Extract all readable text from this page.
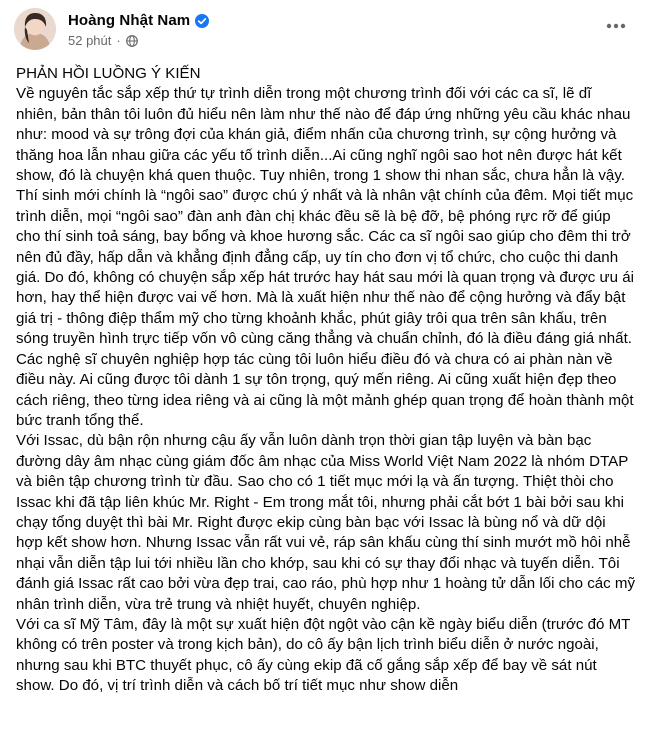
Hoàng Nhật Nam
52 phút ·

PHẢN HỒI LUỒNG Ý KIẾN

Về nguyên tắc sắp xếp thứ tự trình diễn trong một chương trình đối với các ca sĩ, lẽ dĩ nhiên, bản thân tôi luôn đủ hiểu nên làm như thế nào để đáp ứng những yêu cầu khác nhau như: mood và sự trông đợi của khán giả, điểm nhấn của chương trình, sự cộng hưởng và thăng hoa lẫn nhau giữa các yếu tố trình diễn...Ai cũng nghĩ ngôi sao hot nên được hát kết show, đó là chuyện khá quen thuộc. Tuy nhiên, trong 1 show thi nhan sắc, chưa hẳn là vậy. Thí sinh mới chính là “ngôi sao” được chú ý nhất và là nhân vật chính của đêm. Mọi tiết mục trình diễn, mọi “ngôi sao” đàn anh đàn chị khác đều sẽ là bệ đỡ, bệ phóng rực rỡ để giúp cho thí sinh toả sáng, bay bổng và khoe hương sắc. Các ca sĩ ngôi sao giúp cho đêm thi trở nên đủ đầy, hấp dẫn và khẳng định đẳng cấp, uy tín cho đơn vị tổ chức, cho cuộc thi danh giá. Do đó, không có chuyện sắp xếp hát trước hay hát sau mới là quan trọng và được ưu ái hơn, hay thể hiện được vai vế hơn. Mà là xuất hiện như thế nào để cộng hưởng và đẩy bật giá trị - thông điệp thẩm mỹ cho từng khoảnh khắc, phút giây trôi qua trên sân khấu, trên sóng truyền hình trực tiếp vốn vô cùng căng thẳng và chuẩn chỉnh, đó là điều đáng giá nhất. Các nghệ sĩ chuyên nghiệp hợp tác cùng tôi luôn hiểu điều đó và chưa có ai phàn nàn về điều này. Ai cũng được tôi dành 1 sự tôn trọng, quý mến riêng. Ai cũng xuất hiện đẹp theo cách riêng, theo từng idea riêng và ai cũng là một mảnh ghép quan trọng để hoàn thành một bức tranh tổng thể.

Với Issac, dù bận rộn nhưng cậu ấy vẫn luôn dành trọn thời gian tập luyện và bàn bạc đường dây âm nhạc cùng giám đốc âm nhạc của Miss World Việt Nam 2022 là nhóm DTAP và biên tập chương trình từ đầu. Sao cho có 1 tiết mục mới lạ và ấn tượng. Thiệt thòi cho Issac khi đã tập liên khúc Mr. Right - Em trong mắt tôi, nhưng phải cắt bớt 1 bài bởi sau khi chạy tổng duyệt thì bài Mr. Right được ekip cùng bàn bạc với Issac là bùng nổ và dữ dội hợp kết show hơn. Nhưng Issac vẫn rất vui vẻ, ráp sân khấu cùng thí sinh mướt mồ hôi nhễ nhại vẫn diễn tập lui tới nhiều lần cho khớp, sau khi có sự thay đổi nhạc và tuyến diễn. Tôi đánh giá Issac rất cao bởi vừa đẹp trai, cao ráo, phù hợp như 1 hoàng tử dẫn lối cho các mỹ nhân trình diễn, vừa trẻ trung và nhiệt huyết, chuyên nghiệp.

Với ca sĩ Mỹ Tâm, đây là một sự xuất hiện đột ngột vào cận kề ngày biểu diễn (trước đó MT không có trên poster và trong kịch bản), do cô ấy bận lịch trình biểu diễn ở nước ngoài, nhưng sau khi BTC thuyết phục, cô ấy cùng ekip đã cố gắng sắp xếp để bay về sát nút show. Do đó, vị trí trình diễn và cách bố trí tiết mục như show diễn
